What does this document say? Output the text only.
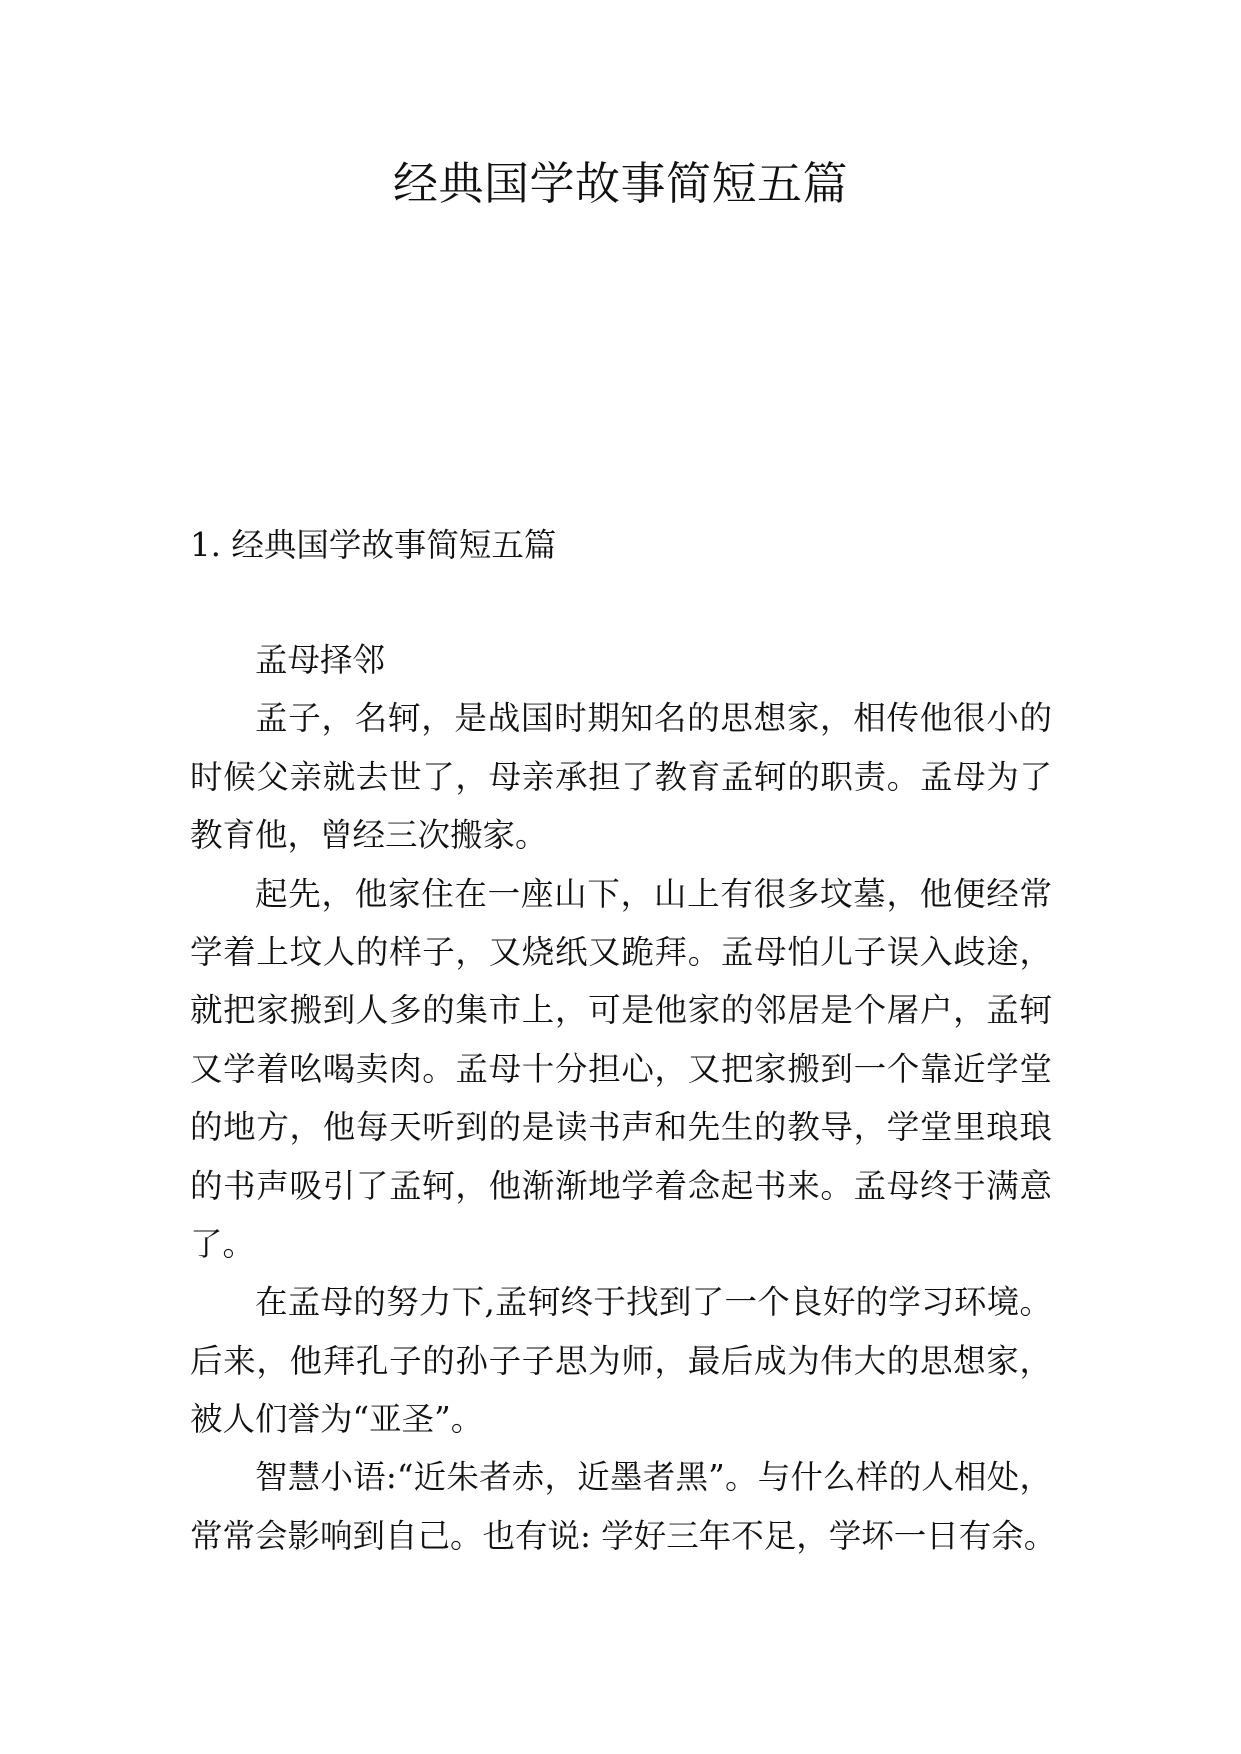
经典国学故事简短五篇
1. 经典国学故事简短五篇
孟母择邻
孟子，名轲，是战国时期知名的思想家，相传他很小的
时候父亲就去世了，母亲承担了教育孟轲的职责。孟母为了
教育他，曾经三次搬家。
起先，他家住在一座山下，山上有很多坟墓，他便经常
学着上坟人的样子，又烧纸又跪拜。孟母怕儿子误入歧途，
就把家搬到人多的集市上，可是他家的邻居是个屠户，孟轲
又学着吆喝卖肉。孟母十分担心，又把家搬到一个靠近学堂
的地方，他每天听到的是读书声和先生的教导，学堂里琅琅
的书声吸引了孟轲，他渐渐地学着念起书来。孟母终于满意
了。
在孟母的努力下,孟轲终于找到了一个良好的学习环境。
后来，他拜孔子的孙子子思为师，最后成为伟大的思想家，
被人们誉为“亚圣”。
智慧小语:“近朱者赤，近墨者黑”。与什么样的人相处，
常常会影响到自己。也有说: 学好三年不足，学坏一日有余。
